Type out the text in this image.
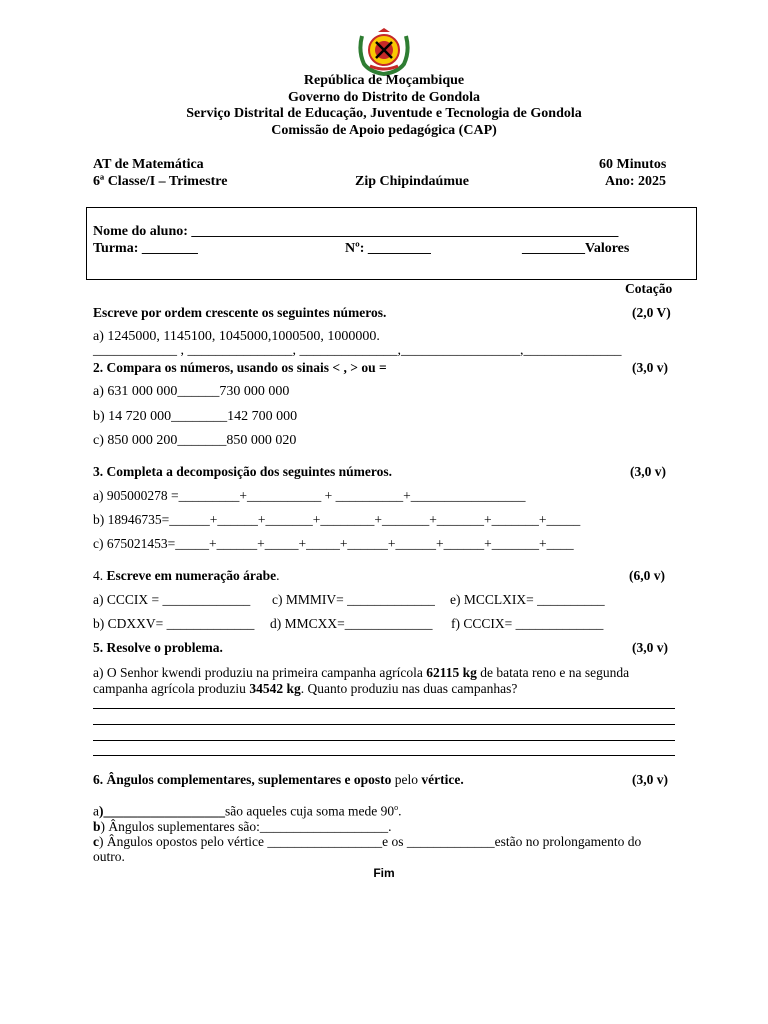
República de Moçambique
Governo do Distrito de Gondola
Serviço Distrital de Educação, Juventude e Tecnologia de Gondola
Comissão de Apoio pedagógica (CAP)
AT de Matemática
6ª Classe/I – Trimestre	Zip Chipindaúmue
60 Minutos
Ano: 2025
Nome do aluno: _____________________________________________________________
Turma: ________	Nº: _________	_________Valores
Cotação
Escreve por ordem crescente os seguintes números.	(2,0 V)
a) 1245000, 1145100, 1045000,1000500, 1000000.
____________ , _______________, ______________,_________________,______________
2. Compara os números, usando os sinais < , > ou =	(3,0 v)
a) 631 000 000______730 000 000
b) 14 720 000________142 700 000
c) 850 000 200_______850 000 020
3. Completa a decomposição dos seguintes números.	(3,0 v)
a) 905000278 =_________+___________ + __________+_________________
b) 18946735=______+______+_______+________+_______+_______+_______+_____
c) 675021453=_____+______+_____+_____+______+______+______+_______+____
4. Escreve em numeração árabe.	(6,0 v)
a) CCCIX = _____________ c) MMMIV= _____________ e) MCCLXIX= __________
b) CDXXV= _____________ d) MMCXX=_____________ f) CCCIX= _____________
5. Resolve o problema.	(3,0 v)
a) O Senhor kwendi produziu na primeira campanha agrícola 62115 kg de batata reno e na segunda
campanha agrícola produziu 34542 kg. Quanto produziu nas duas campanhas?
6. Ângulos complementares, suplementares e oposto pelo vértice.	(3,0 v)
a)__________________são aqueles cuja soma mede 90$^o$.
b) Ângulos suplementares são:___________________.
c) Ângulos opostos pelo vértice _________________e os _____________estão no prolongamento do
outro.
Fim
